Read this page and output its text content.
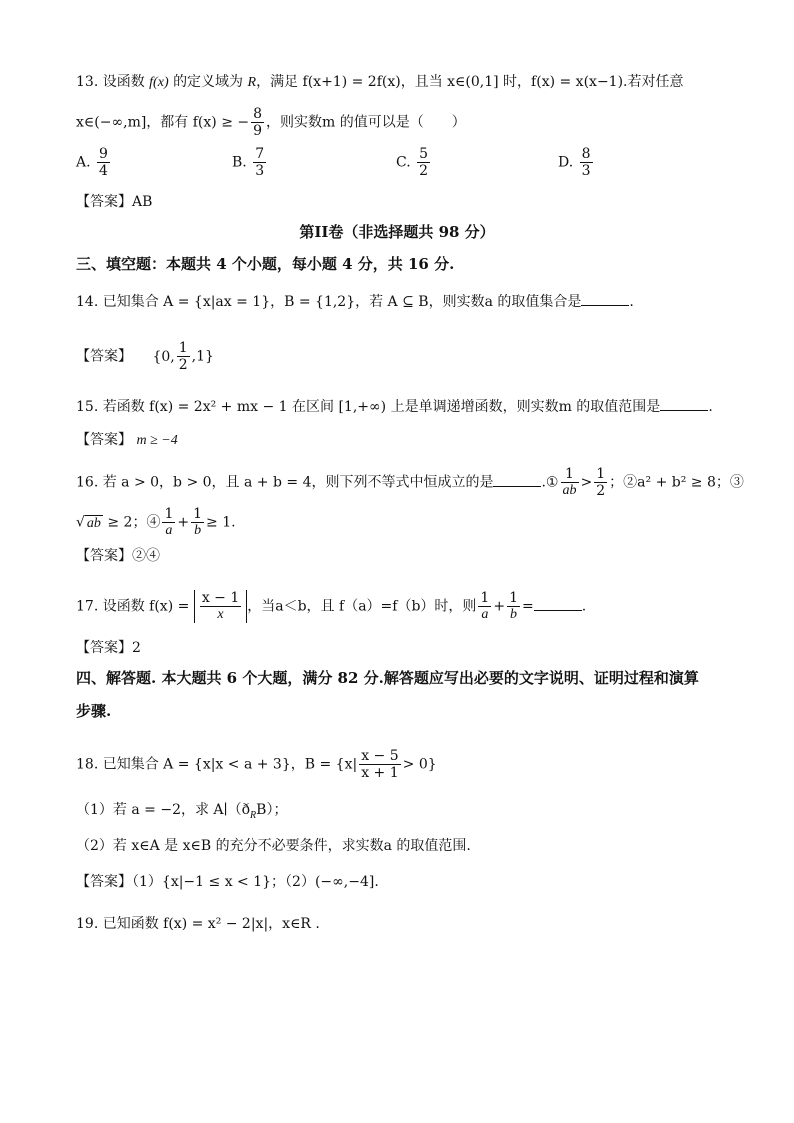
13. 设函数 f(x) 的定义域为 R，满足 f(x+1) = 2f(x)，且当 x∈(0,1] 时，f(x) = x(x−1).若对任意
x∈(−∞,m]，都有 f(x) ≥ − $\frac{8}{9}$ ，则实数m 的值可以是（　　）
A. $\frac{9}{4}$	B. $\frac{7}{3}$	C. $\frac{5}{2}$	D. $\frac{8}{3}$
【答案】AB
第II卷（非选择题共 98 分）
三、填空题：本题共 4 个小题，每小题 4 分，共 16 分.
14. 已知集合 A = {x|ax = 1}，B = {1,2}，若 A ⊆ B，则实数a 的取值集合是	.
【答案】 {0, $\frac{1}{2} ,1$}
15. 若函数 f(x) = 2x² + mx − 1 在区间 [1,+∞) 上是单调递增函数，则实数m 的取值范围是	.
【答案】 m ≥ −4
16. 若 a > 0，b > 0，且 a + b = 4，则下列不等式中恒成立的是	.① $\frac{1}{ab} > \frac{1}{2}$ ；②a² + b² ≥ 8；③
√ ab ≥ 2；④ $\frac{1}{a} + \frac{1}{b} \ge 1$.
【答案】②④
17. 设函数 $f(x) = \frac{x - 1}{x}$ ，当a＜b，且 f（a）=f（b）时，则 $\frac{1}{a} + \frac{1}{b}$ =	.
【答案】2
四、解答题. 本大题共 6 个大题，满分 82 分.解答题应写出必要的文字说明、证明过程和演算
步骤.
18. 已知集合 A = {x|x < a + 3}，$B = \{x| \frac{x - 5}{x + 1} > 0\}$
（1）若 a = −2，求 $A∣(ð_RB)$；
（2）若 x∈A 是 x∈B 的充分不必要条件，求实数a 的取值范围.
【答案】（1）{x|−1 ≤ x < 1}；（2）(−∞,−4].
19. 已知函数 f(x) = x² − 2|x|，x∈R .
